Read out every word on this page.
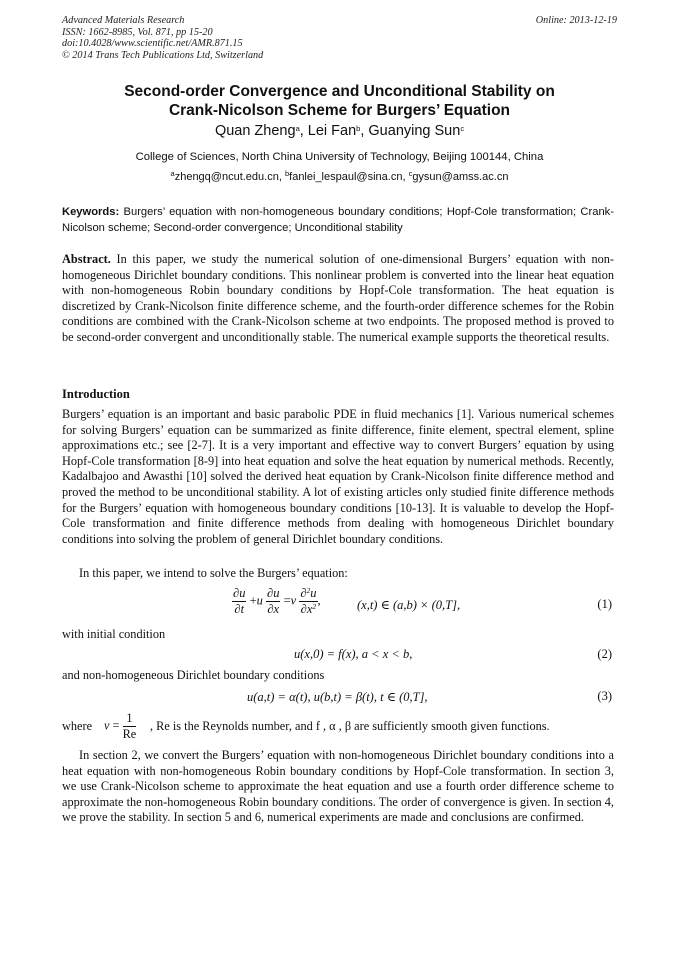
Advanced Materials Research
ISSN: 1662-8985, Vol. 871, pp 15-20
doi:10.4028/www.scientific.net/AMR.871.15
© 2014 Trans Tech Publications Ltd, Switzerland
Online: 2013-12-19
Second-order Convergence and Unconditional Stability on
Crank-Nicolson Scheme for Burgers’ Equation
Quan Zheng$^a$, Lei Fan$^b$, Guanying Sun$^c$
College of Sciences, North China University of Technology, Beijing 100144, China
$^a$zhengq@ncut.edu.cn, $^b$fanlei_lespaul@sina.cn, $^c$gysun@amss.ac.cn
Keywords: Burgers’ equation with non-homogeneous boundary conditions; Hopf-Cole transformation; Crank-Nicolson scheme; Second-order convergence; Unconditional stability
Abstract. In this paper, we study the numerical solution of one-dimensional Burgers’ equation with non-homogeneous Dirichlet boundary conditions. This nonlinear problem is converted into the linear heat equation with non-homogeneous Robin boundary conditions by Hopf-Cole transformation. The heat equation is discretized by Crank-Nicolson finite difference scheme, and the fourth-order difference schemes for the Robin conditions are combined with the Crank-Nicolson scheme at two endpoints. The proposed method is proved to be second-order convergent and unconditionally stable. The numerical example supports the theoretical results.
Introduction
Burgers’ equation is an important and basic parabolic PDE in fluid mechanics [1]. Various numerical schemes for solving Burgers’ equation can be summarized as finite difference, finite element, spectral element, spline approximations etc.; see [2-7]. It is a very important and effective way to convert Burgers’ equation by using Hopf-Cole transformation [8-9] into heat equation and solve the heat equation by numerical methods. Recently, Kadalbajoo and Awasthi [10] solved the derived heat equation by Crank-Nicolson finite difference method and proved the method to be unconditional stability. A lot of existing articles only studied finite difference methods for the Burgers’ equation with homogeneous boundary conditions [10-13]. It is valuable to develop the Hopf-Cole transformation and finite difference methods from dealing with homogeneous Dirichlet boundary conditions into solving the problem of general Dirichlet boundary conditions.
In this paper, we intend to solve the Burgers’ equation:
$\frac{\partial u}{\partial t} +u \frac{\partial u}{\partial x} =\nu \frac{\partial^2u}{\partial x^2}$ ,	(x,t) ∈ (a,b) × (0,T],	(1)
with initial condition
u(x,0) = f(x), a < x < b,	(2)
and non-homogeneous Dirichlet boundary conditions
u(a,t) = α(t), u(b,t) = β(t), t ∈ (0,T],	(3)
where $\nu = \frac{1}{Re}$ , Re is the Reynolds number, and f , α , β are sufficiently smooth given functions.
In section 2, we convert the Burgers’ equation with non-homogeneous Dirichlet boundary conditions into a heat equation with non-homogeneous Robin boundary conditions by Hopf-Cole transformation. In section 3, we use Crank-Nicolson scheme to approximate the heat equation and use a fourth order difference scheme to approximate the non-homogeneous Robin boundary conditions. The order of convergence is given. In section 4, we prove the stability. In section 5 and 6, numerical experiments are made and conclusions are confirmed.
